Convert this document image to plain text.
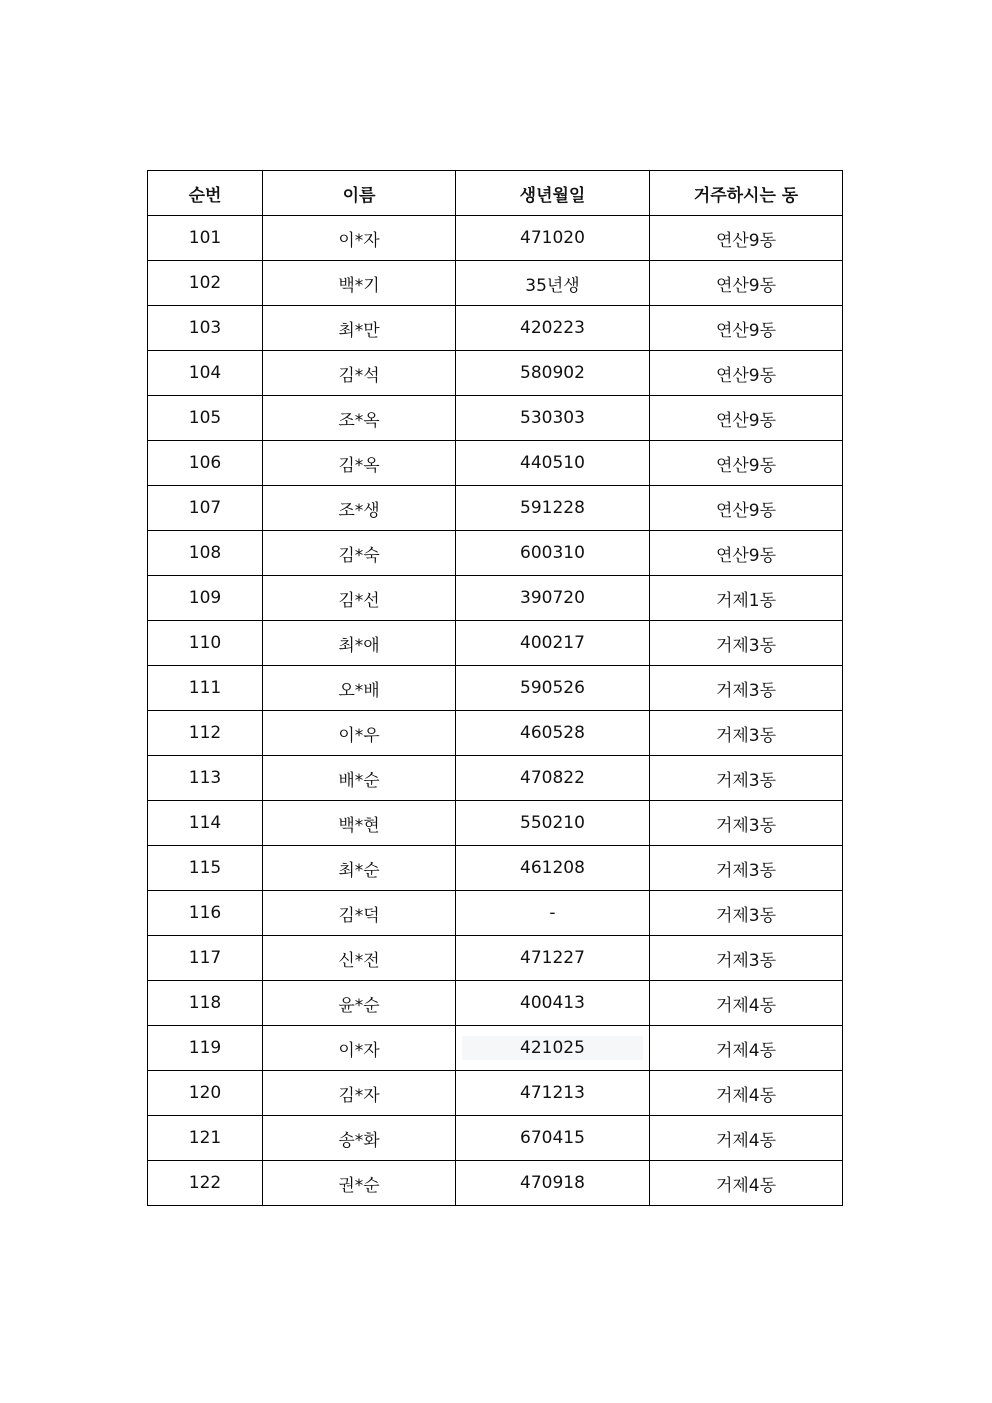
순번	이름	생년월일	거주하시는 동
101	이*자	471020	연산9동
102	백*기	35년생	연산9동
103	최*만	420223	연산9동
104	김*석	580902	연산9동
105	조*옥	530303	연산9동
106	김*옥	440510	연산9동
107	조*생	591228	연산9동
108	김*숙	600310	연산9동
109	김*선	390720	거제1동
110	최*애	400217	거제3동
111	오*배	590526	거제3동
112	이*우	460528	거제3동
113	배*순	470822	거제3동
114	백*현	550210	거제3동
115	최*순	461208	거제3동
116	김*덕	-	거제3동
117	신*전	471227	거제3동
118	윤*순	400413	거제4동
119	이*자	421025	거제4동
120	김*자	471213	거제4동
121	송*화	670415	거제4동
122	권*순	470918	거제4동
